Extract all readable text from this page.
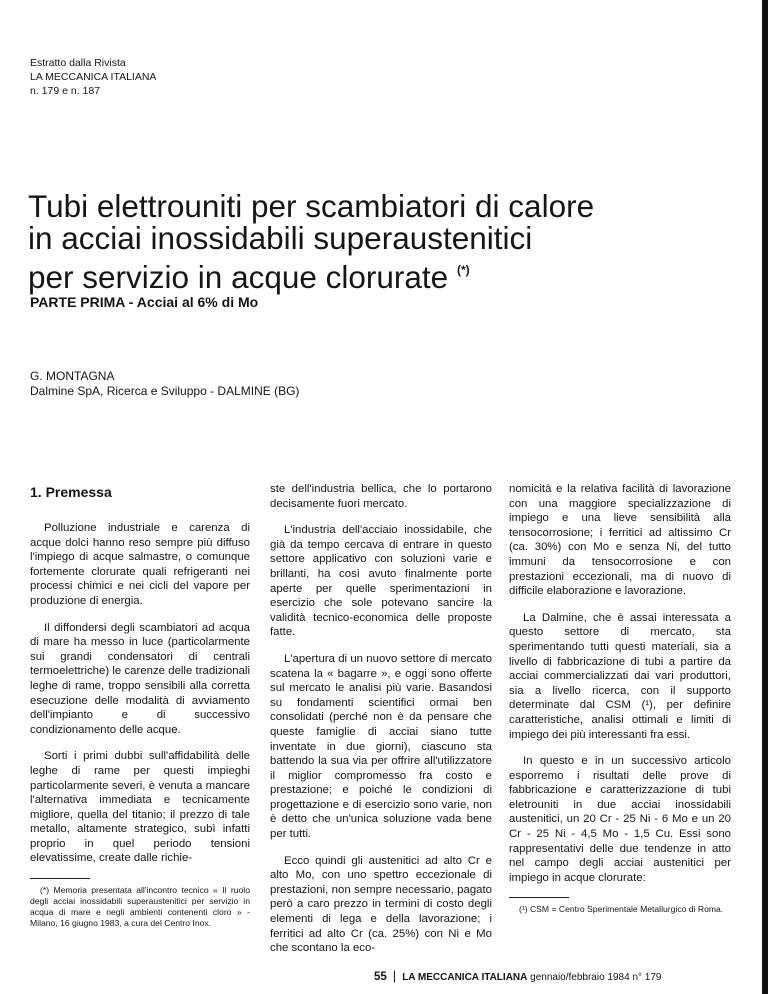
Estratto dalla Rivista
LA MECCANICA ITALIANA
n. 179 e n. 187
Tubi elettrouniti per scambiatori di calore
in acciai inossidabili superaustenitici
per servizio in acque clorurate (*)
PARTE PRIMA - Acciai al 6% di Mo
G. MONTAGNA
Dalmine SpA, Ricerca e Sviluppo - DALMINE (BG)
1. Premessa

Polluzione industriale e carenza di acque dolci hanno reso sempre più diffuso l'impiego di acque salmastre, o comunque fortemente clorurate quali refrigeranti nei processi chimici e nei cicli del vapore per produzione di energia.

Il diffondersi degli scambiatori ad acqua di mare ha messo in luce (particolarmente sui grandi condensatori di centrali termoelettriche) le carenze delle tradizionali leghe di rame, troppo sensibili alla corretta esecuzione delle modalità di avviamento dell'impianto e di successivo condizionamento delle acque.

Sorti i primi dubbi sull'affidabilità delle leghe di rame per questi impieghi particolarmente severi, è venuta a mancare l'alternativa immediata e tecnicamente migliore, quella del titanio; il prezzo di tale metallo, altamente strategico, subì infatti proprio in quel periodo tensioni elevatissime, create dalle richie-

(*) Memoria presentata all'incontro tecnico « Il ruolo degli acciai inossidabili superaustenitici per servizio in acqua di mare e negli ambienti contenenti cloro » - Milano, 16 giugno 1983, a cura del Centro Inox.

ste dell'industria bellica, che lo portarono decisamente fuori mercato.

L'industria dell'acciaio inossidabile, che già da tempo cercava di entrare in questo settore applicativo con soluzioni varie e brillanti, ha così avuto finalmente porte aperte per quelle sperimentazioni in esercizio che sole potevano sancire la validità tecnico-economica delle proposte fatte.

L'apertura di un nuovo settore di mercato scatena la « bagarre », e oggi sono offerte sul mercato le analisi più varie. Basandosi su fondamenti scientifici ormai ben consolidati (perché non è da pensare che queste famiglie di acciai siano tutte inventate in due giorni), ciascuno sta battendo la sua via per offrire all'utilizzatore il miglior compromesso fra costo e prestazione; e poiché le condizioni di progettazione e di esercizio sono varie, non è detto che un'unica soluzione vada bene per tutti.

Ecco quindi gli austenitici ad alto Cr e alto Mo, con uno spettro eccezionale di prestazioni, non sempre necessario, pagato però a caro prezzo in termini di costo degli elementi di lega e della lavorazione; i ferritici ad alto Cr (ca. 25%) con Ni e Mo che scontano la eco-

nomicità e la relativa facilità di lavorazione con una maggiore specializzazione di impiego e una lieve sensibilità alla tensocorrosione; i ferritici ad altissimo Cr (ca. 30%) con Mo e senza Ni, del tutto immuni da tensocorrosione e con prestazioni eccezionali, ma di nuovo di difficile elaborazione e lavorazione.

La Dalmine, che è assai interessata a questo settore di mercato, sta sperimentando tutti questi materiali, sia a livello di fabbricazione di tubi a partire da acciai commercializzati dai vari produttori, sia a livello ricerca, con il supporto determinate dal CSM (¹), per definire caratteristiche, analisi ottimali e limiti di impiego dei più interessanti fra essi.

In questo e in un successivo articolo esporremo i risultati delle prove di fabbricazione e caratterizzazione di tubi eletrouniti in due acciai inossidabili austenitici, un 20 Cr - 25 Ni - 6 Mo e un 20 Cr - 25 Ni - 4,5 Mo - 1,5 Cu. Essi sono rappresentativi delle due tendenze in atto nel campo degli acciai austenitici per impiego in acque clorurate:

(¹) CSM = Centro Sperimentale Metallurgico di Roma.

55 | LA MECCANICA ITALIANA gennaio/febbraio 1984 n° 179
